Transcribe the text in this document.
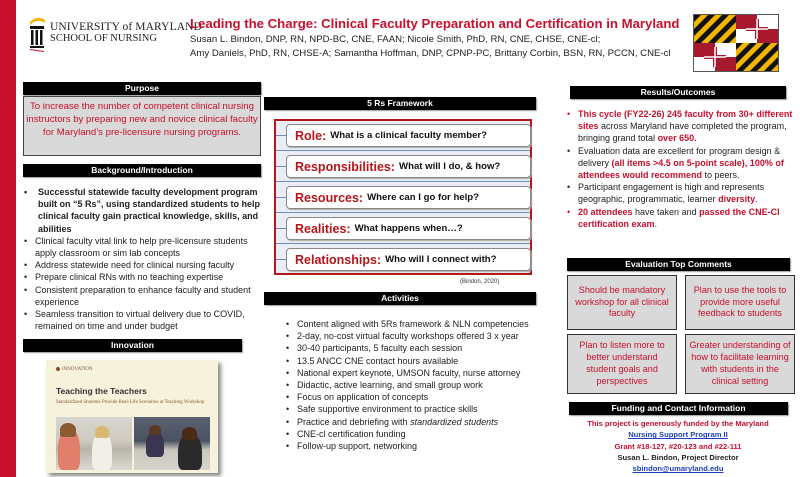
UNIVERSITY of MARYLAND
SCHOOL OF NURSING
Leading the Charge: Clinical Faculty Preparation and Certification in Maryland
Susan L. Bindon, DNP, RN, NPD-BC, CNE, FAAN; Nicole Smith, PhD, RN, CNE, CHSE, CNE-cl;
Amy Daniels, PhD, RN, CHSE-A; Samantha Hoffman, DNP, CPNP-PC, Brittany Corbin, BSN, RN, PCCN, CNE-cl
Purpose
To increase the number of competent clinical nursing instructors by preparing new and novice clinical faculty for Maryland’s pre-licensure nursing programs.
Background/Introduction
• Successful statewide faculty development program built on “5 Rs”, using standardized students to help clinical faculty gain practical knowledge, skills, and abilities
• Clinical faculty vital link to help pre-licensure students apply classroom or sim lab concepts
• Address statewide need for clinical nursing faculty
• Prepare clinical RNs with no teaching expertise
• Consistent preparation to enhance faculty and student experience
• Seamless transition to virtual delivery due to COVID, remained on time and under budget
Innovation
INNOVATION
Teaching the Teachers
Standardized Students Provide Real-Life Scenarios at Teaching Workshop
5 Rs Framework
Role: What is a clinical faculty member?
Responsibilities: What will I do, & how?
Resources: Where can I go for help?
Realities: What happens when…?
Relationships: Who will I connect with?
(Bindon, 2020)
Activities
• Content aligned with 5Rs framework & NLN competencies
• 2-day, no-cost virtual faculty workshops offered 3 x year
• 30-40 participants, 5 faculty each session
• 13.5 ANCC CNE contact hours available
• National expert keynote, UMSON faculty, nurse attorney
• Didactic, active learning, and small group work
• Focus on application of concepts
• Safe supportive environment to practice skills
• Practice and debriefing with standardized students
• CNE-cl certification funding
• Follow-up support, networking
Results/Outcomes
• This cycle (FY22-26) 245 faculty from 30+ different sites across Maryland have completed the program, bringing grand total over 650.
• Evaluation data are excellent for program design & delivery (all items >4.5 on 5-point scale), 100% of attendees would recommend to peers.
• Participant engagement is high and represents geographic, programmatic, learner diversity.
• 20 attendees have taken and passed the CNE-Cl certification exam.
Evaluation Top Comments
Should be mandatory workshop for all clinical faculty
Plan to use the tools to provide more useful feedback to students
Plan to listen more to better understand student goals and perspectives
Greater understanding of how to facilitate learning with students in the clinical setting
Funding and Contact Information
This project is generously funded by the Maryland
Nursing Support Program II
Grant #18-127, #20-123 and #22-111
Susan L. Bindon, Project Director
sbindon@umaryland.edu
